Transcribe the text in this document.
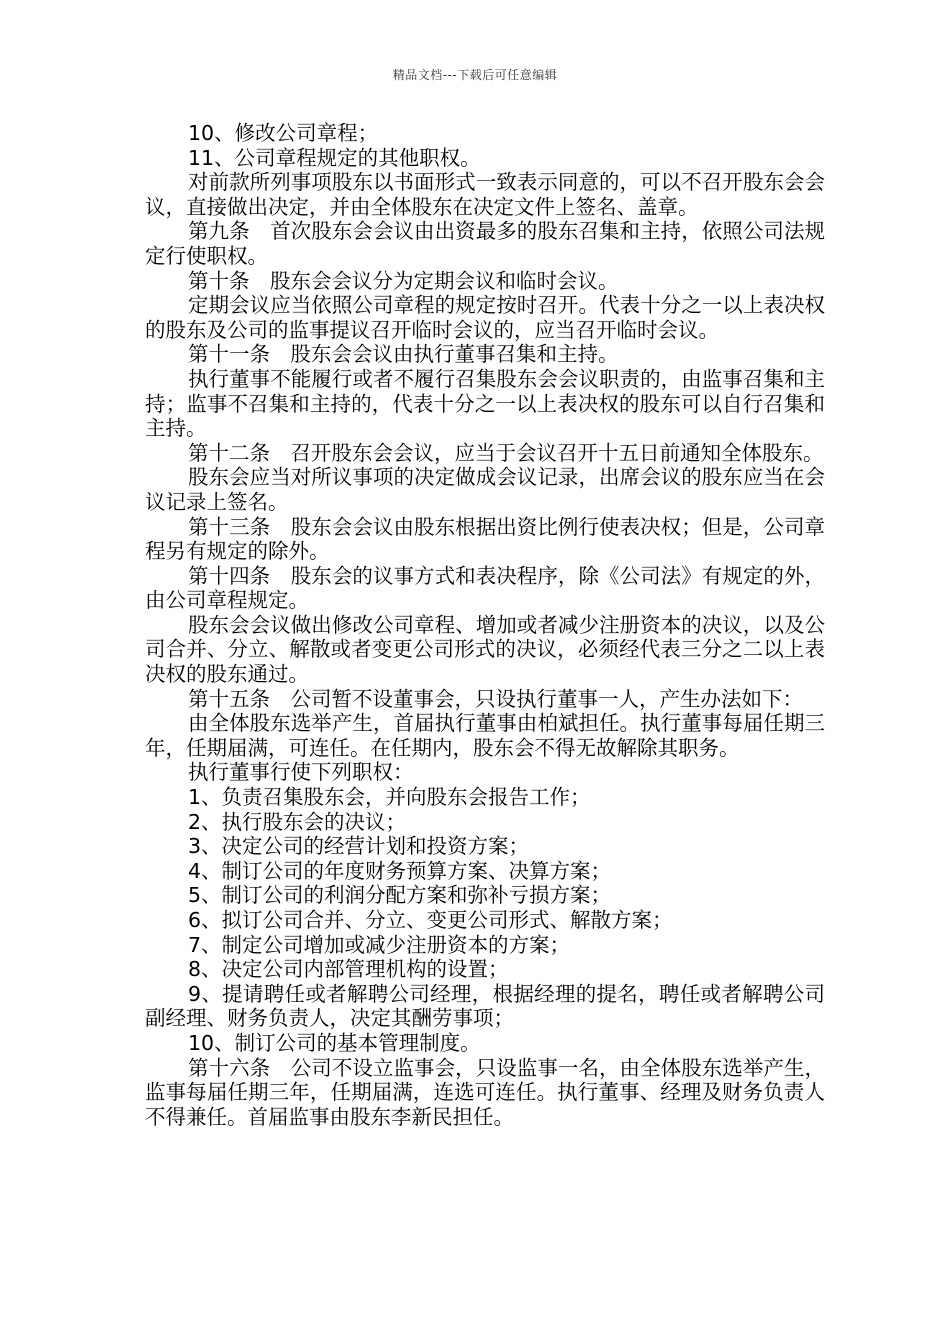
精品文档---下载后可任意编辑

10、修改公司章程；

11、公司章程规定的其他职权。

对前款所列事项股东以书面形式一致表示同意的，可以不召开股东会会议，直接做出决定，并由全体股东在决定文件上签名、盖章。

第九条　首次股东会会议由出资最多的股东召集和主持，依照公司法规定行使职权。

第十条　股东会会议分为定期会议和临时会议。

定期会议应当依照公司章程的规定按时召开。代表十分之一以上表决权的股东及公司的监事提议召开临时会议的，应当召开临时会议。

第十一条　股东会会议由执行董事召集和主持。

执行董事不能履行或者不履行召集股东会会议职责的，由监事召集和主持；监事不召集和主持的，代表十分之一以上表决权的股东可以自行召集和主持。

第十二条　召开股东会会议，应当于会议召开十五日前通知全体股东。

股东会应当对所议事项的决定做成会议记录，出席会议的股东应当在会议记录上签名。

第十三条　股东会会议由股东根据出资比例行使表决权；但是，公司章程另有规定的除外。

第十四条　股东会的议事方式和表决程序，除《公司法》有规定的外，由公司章程规定。

股东会会议做出修改公司章程、增加或者减少注册资本的决议，以及公司合并、分立、解散或者变更公司形式的决议，必须经代表三分之二以上表决权的股东通过。

第十五条　公司暂不设董事会，只设执行董事一人，产生办法如下：

由全体股东选举产生，首届执行董事由柏斌担任。执行董事每届任期三年，任期届满，可连任。在任期内，股东会不得无故解除其职务。

执行董事行使下列职权：

1、负责召集股东会，并向股东会报告工作；

2、执行股东会的决议；

3、决定公司的经营计划和投资方案；

4、制订公司的年度财务预算方案、决算方案；

5、制订公司的利润分配方案和弥补亏损方案；

6、拟订公司合并、分立、变更公司形式、解散方案；

7、制定公司增加或减少注册资本的方案；

8、决定公司内部管理机构的设置；

9、提请聘任或者解聘公司经理，根据经理的提名，聘任或者解聘公司副经理、财务负责人，决定其酬劳事项；

10、制订公司的基本管理制度。

第十六条　公司不设立监事会，只设监事一名，由全体股东选举产生，监事每届任期三年，任期届满，连选可连任。执行董事、经理及财务负责人不得兼任。首届监事由股东李新民担任。
